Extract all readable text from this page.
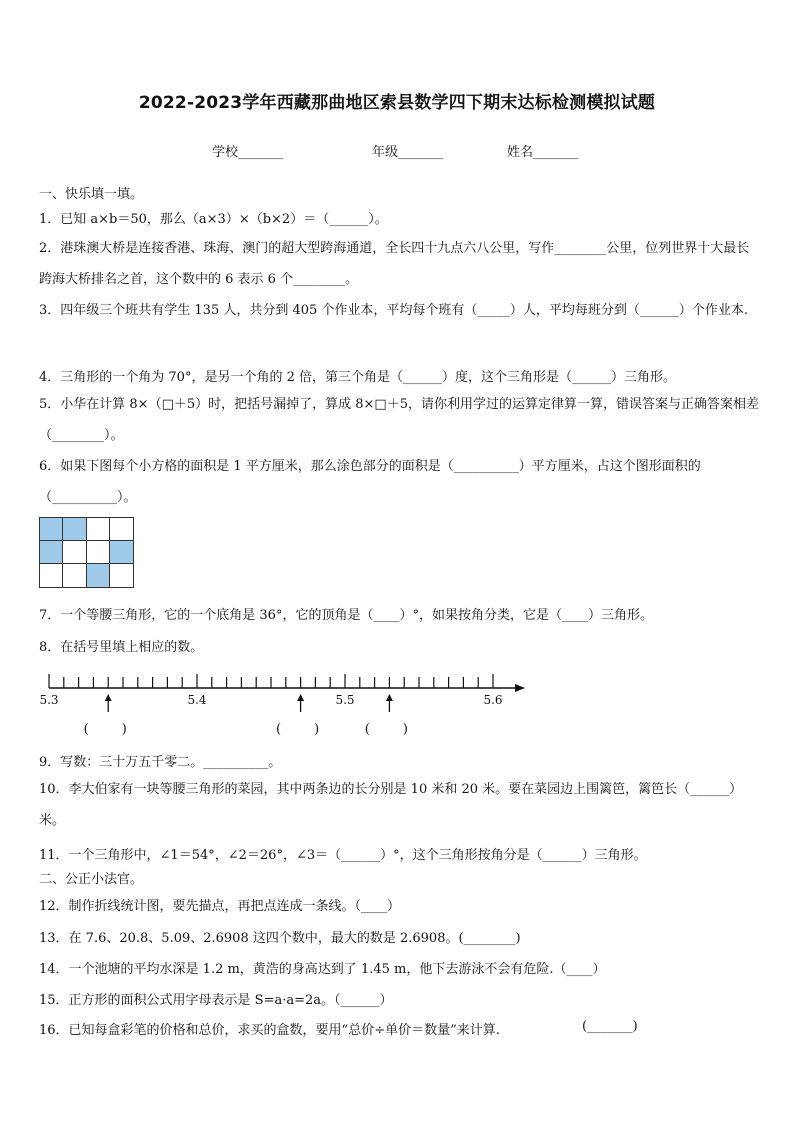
2022-2023学年西藏那曲地区索县数学四下期末达标检测模拟试题
学校_______	年级_______	姓名_______
一、快乐填一填。
1．已知 a×b＝50，那么（a×3）×（b×2）＝（______）。
2．港珠澳大桥是连接香港、珠海、澳门的超大型跨海通道，全长四十九点六八公里，写作________公里，位列世界十大最长跨海大桥排名之首，这个数中的 6 表示 6 个________。
3．四年级三个班共有学生 135 人，共分到 405 个作业本，平均每个班有（_____）人，平均每班分到（______）个作业本.
4．三角形的一个角为 70°，是另一个角的 2 倍，第三个角是（______）度，这个三角形是（______）三角形。
5．小华在计算 8×（□＋5）时，把括号漏掉了，算成 8×□＋5，请你利用学过的运算定律算一算，错误答案与正确答案相差（________）。
6．如果下图每个小方格的面积是 1 平方厘米，那么涂色部分的面积是（__________）平方厘米，占这个图形面积的（__________）。
7．一个等腰三角形，它的一个底角是 36°，它的顶角是（____）°，如果按角分类，它是（____）三角形。
8．在括号里填上相应的数。
5.3	5.4	5.5	5.6
(        )	(        )	(        )
9．写数：三十万五千零二。__________。
10．李大伯家有一块等腰三角形的菜园，其中两条边的长分别是 10 米和 20 米。要在菜园边上围篱笆，篱笆长（______）米。
11．一个三角形中，∠1＝54°，∠2＝26°，∠3＝（______）°，这个三角形按角分是（______）三角形。
二、公正小法官。
12．制作折线统计图，要先描点，再把点连成一条线。（____）
13．在 7.6、20.8、5.09、2.6908 这四个数中，最大的数是 2.6908。(________)
14．一个池塘的平均水深是 1.2 m，黄浩的身高达到了 1.45 m，他下去游泳不会有危险.（____）
15．正方形的面积公式用字母表示是 S=a·a=2a。（______）
16．已知每盒彩笔的价格和总价，求买的盒数，要用“总价÷单价＝数量”来计算.	(_______)
